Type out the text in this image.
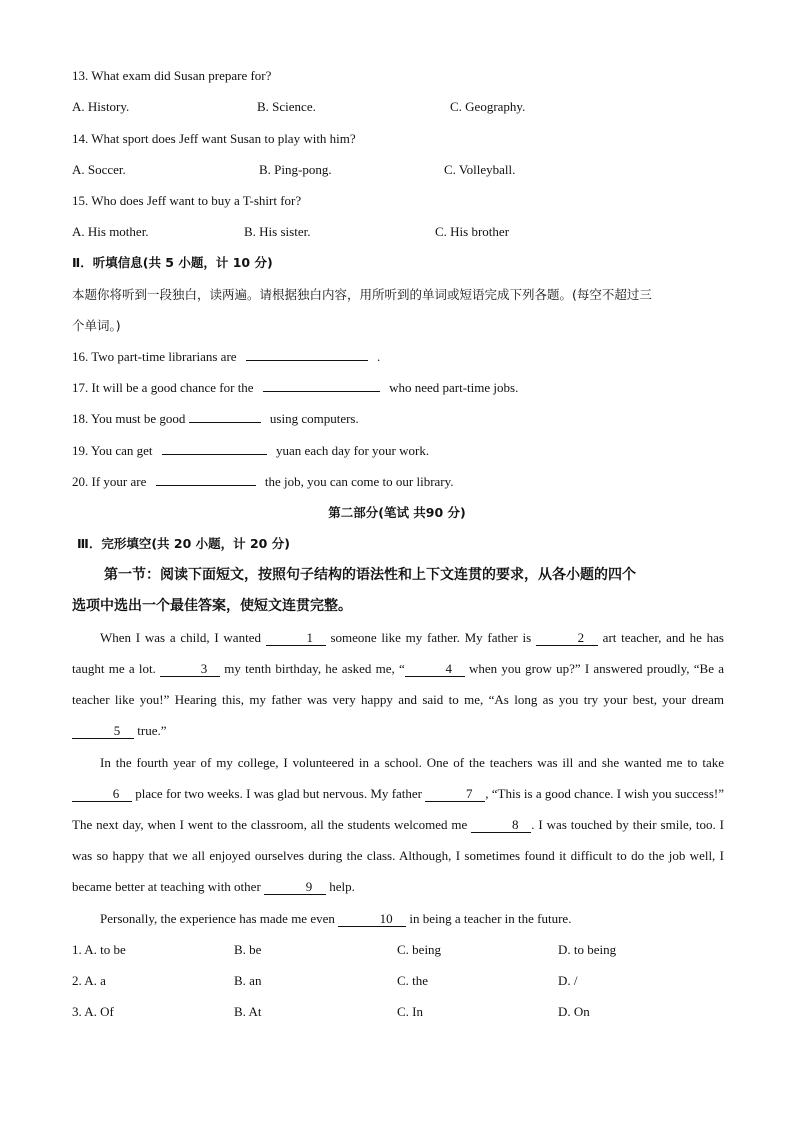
13. What exam did Susan prepare for?
A. History.	B. Science.	C. Geography.
14. What sport does Jeff want Susan to play with him?
A. Soccer.	B. Ping-pong.	C. Volleyball.
15. Who does Jeff want to buy a T-shirt for?
A. His mother.	B. His sister.	C. His brother
Ⅱ．听填信息(共 5 小题，计 10 分)
本题你将听到一段独白，读两遍。请根据独白内容，用所听到的单词或短语完成下列各题。(每空不超过三
个单词。)
16. Two part-time librarians are	.
17. It will be a good chance for the	who need part-time jobs.
18. You must be good	using computers.
19. You can get	yuan each day for your work.
20. If your are	the job, you can come to our library.
第二部分(笔试 共90 分)
Ⅲ．完形填空(共 20 小题，计 20 分)
第一节：阅读下面短文，按照句子结构的语法性和上下文连贯的要求，从各小题的四个
选项中选出一个最佳答案，使短文连贯完整。
When I was a child, I wanted	1 someone like my father. My father is	2 art teacher, and he has taught me a lot.	3 my tenth birthday, he asked me, “	4 when you grow up?” I answered proudly, “Be a teacher like you!” Hearing this, my father was very happy and said to me, “As long as you try your best, your dream 5 true.”
In the fourth year of my college, I volunteered in a school. One of the teachers was ill and she wanted me to take 6 place for two weeks. I was glad but nervous. My father	7 , “This is a good chance. I wish you success!” The next day, when I went to the classroom, all the students welcomed me	8 . I was touched by their smile, too. I was so happy that we all enjoyed ourselves during the class. Although, I sometimes found it difficult to do the job well, I became better at teaching with other	9 help.
Personally, the experience has made me even	10 in being a teacher in the future.
1. A. to be	B. be	C. being	D. to being
2. A. a	B. an	C. the	D. /
3. A. Of	B. At	C. In	D. On
